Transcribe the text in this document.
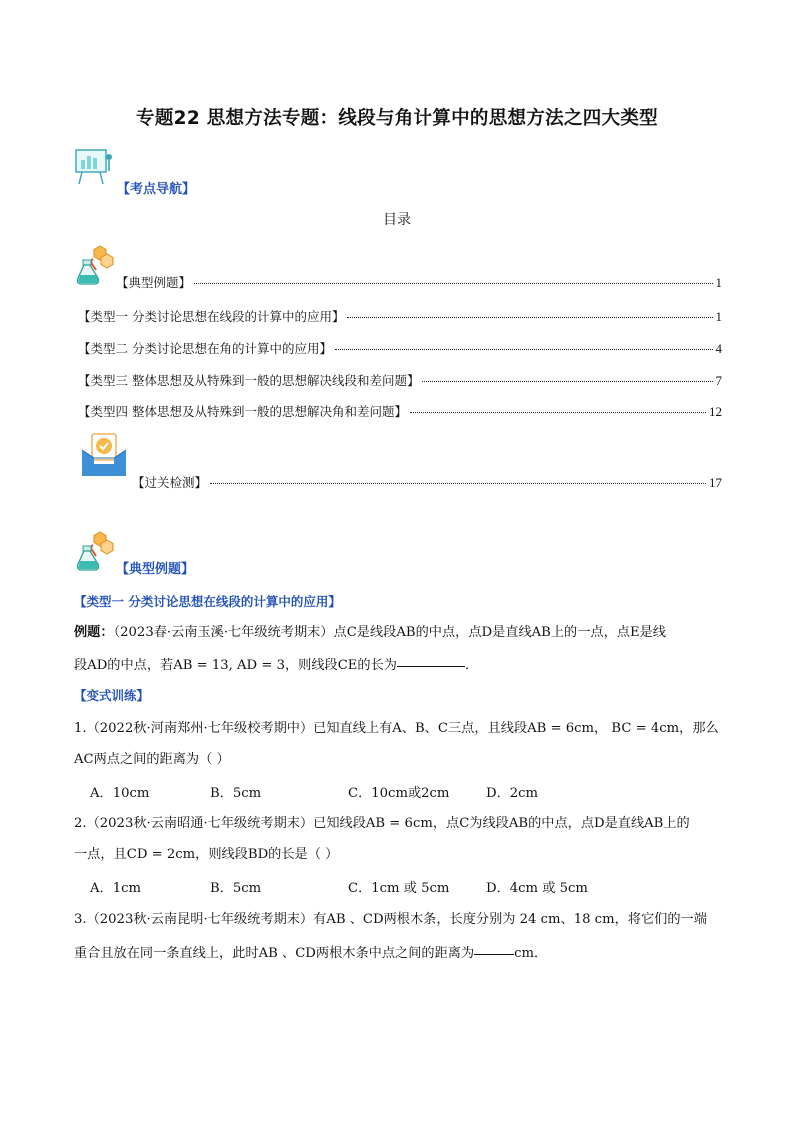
专题22 思想方法专题：线段与角计算中的思想方法之四大类型
【考点导航】
目录
【典型例题】	1
【类型一 分类讨论思想在线段的计算中的应用】	1
【类型二 分类讨论思想在角的计算中的应用】	4
【类型三 整体思想及从特殊到一般的思想解决线段和差问题】	7
【类型四 整体思想及从特殊到一般的思想解决角和差问题】	12
【过关检测】	17
【典型例题】
【类型一 分类讨论思想在线段的计算中的应用】
例题：（2023春·云南玉溪·七年级统考期末）点C是线段AB的中点，点D是直线AB上的一点，点E是线
段AD的中点，若AB = 13, AD = 3，则线段CE的长为	．
【变式训练】
1.（2022秋·河南郑州·七年级校考期中）已知直线上有A、B、C三点，且线段AB = 6cm， BC = 4cm，那么
AC两点之间的距离为（ ）
A．10cm	B．5cm	C．10cm或2cm	D．2cm
2.（2023秋·云南昭通·七年级统考期末）已知线段AB = 6cm，点C为线段AB的中点，点D是直线AB上的
一点，且CD = 2cm，则线段BD的长是（ ）
A．1cm	B．5cm	C．1cm 或 5cm	D．4cm 或 5cm
3.（2023秋·云南昆明·七年级统考期末）有AB 、CD两根木条，长度分别为 24 cm、18 cm，将它们的一端
重合且放在同一条直线上，此时AB 、CD两根木条中点之间的距离为	cm．
